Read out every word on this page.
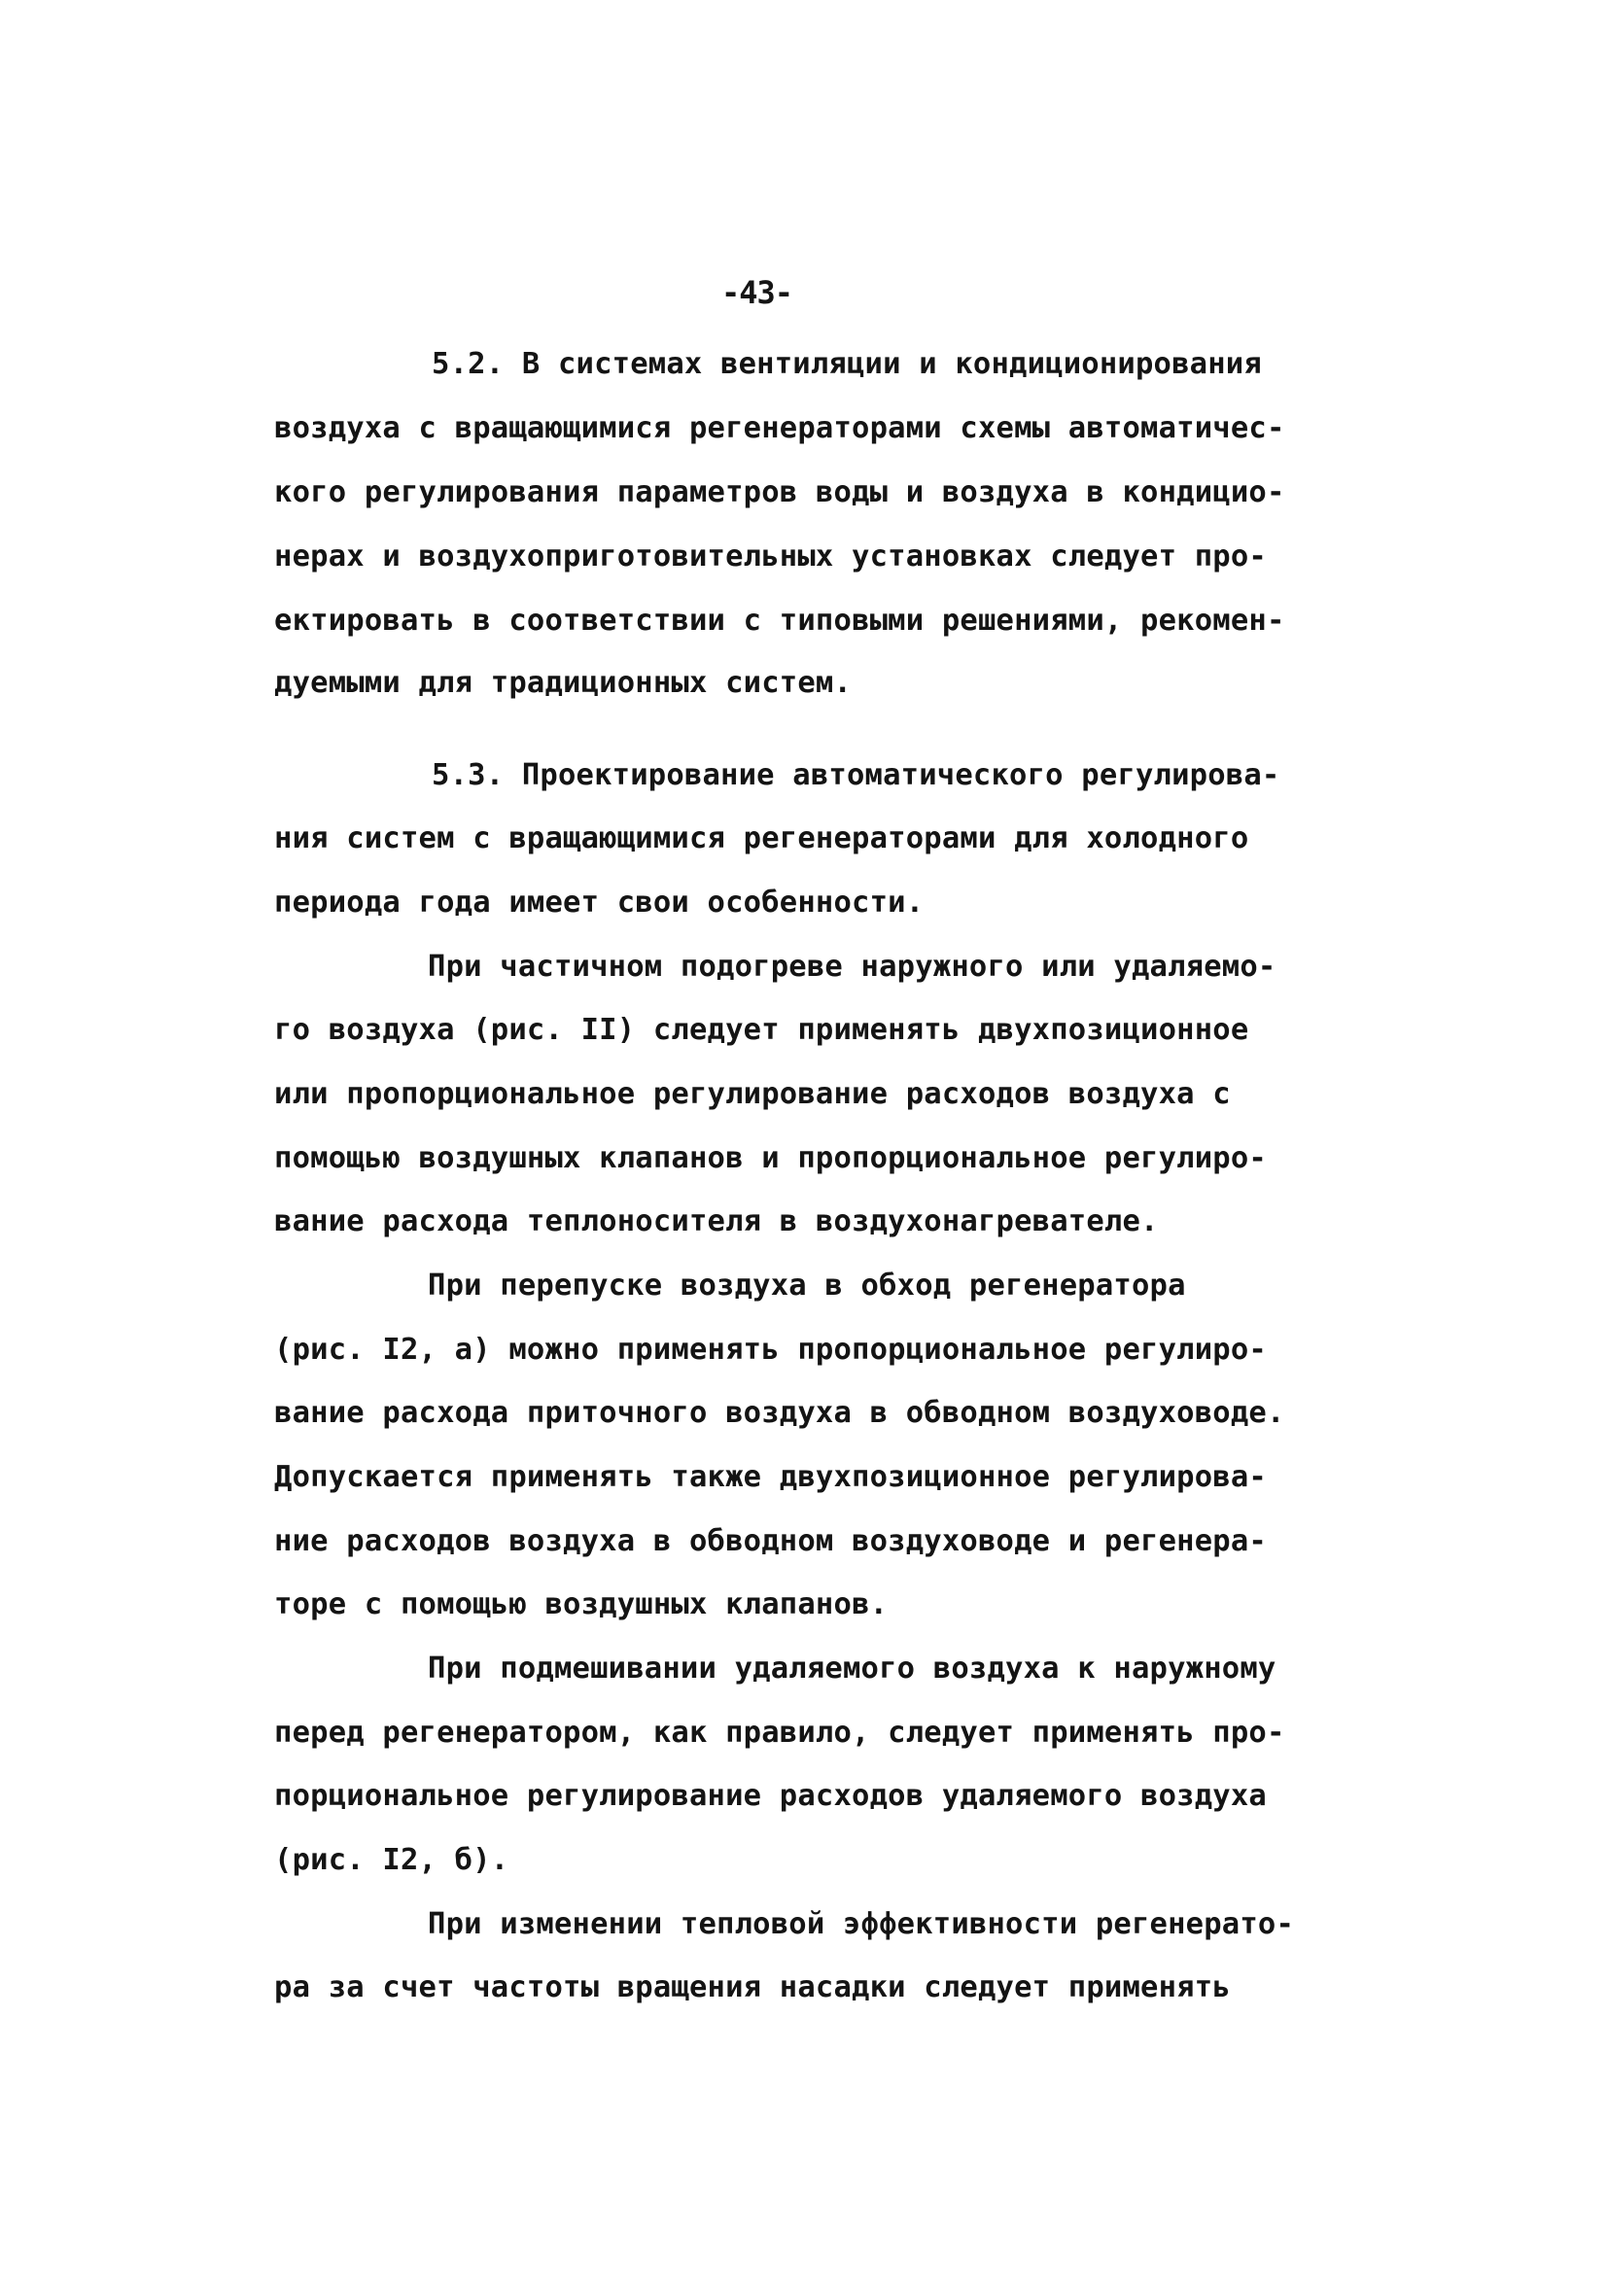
-43-
5.2. В системах вентиляции и кондиционирования
воздуха с вращающимися регенераторами схемы автоматичес-
кого регулирования параметров воды и воздуха в кондицио-
нерах и воздухоприготовительных установках следует про-
ектировать в соответствии с типовыми решениями, рекомен-
дуемыми для традиционных систем.
5.3. Проектирование автоматического регулирова-
ния систем с вращающимися регенераторами для холодного
периода года имеет свои особенности.
При частичном подогреве наружного или удаляемо-
го воздуха (рис. II) следует применять двухпозиционное
или пропорциональное регулирование расходов воздуха с
помощью воздушных клапанов и пропорциональное регулиро-
вание расхода теплоносителя в воздухонагревателе.
При перепуске воздуха в обход регенератора
(рис. I2, а) можно применять пропорциональное регулиро-
вание расхода приточного воздуха в обводном воздуховоде.
Допускается применять также двухпозиционное регулирова-
ние расходов воздуха в обводном воздуховоде и регенера-
торе с помощью воздушных клапанов.
При подмешивании удаляемого воздуха к наружному
перед регенератором, как правило, следует применять про-
порциональное регулирование расходов удаляемого воздуха
(рис. I2, б).
При изменении тепловой эффективности регенерато-
ра за счет частоты вращения насадки следует применять
